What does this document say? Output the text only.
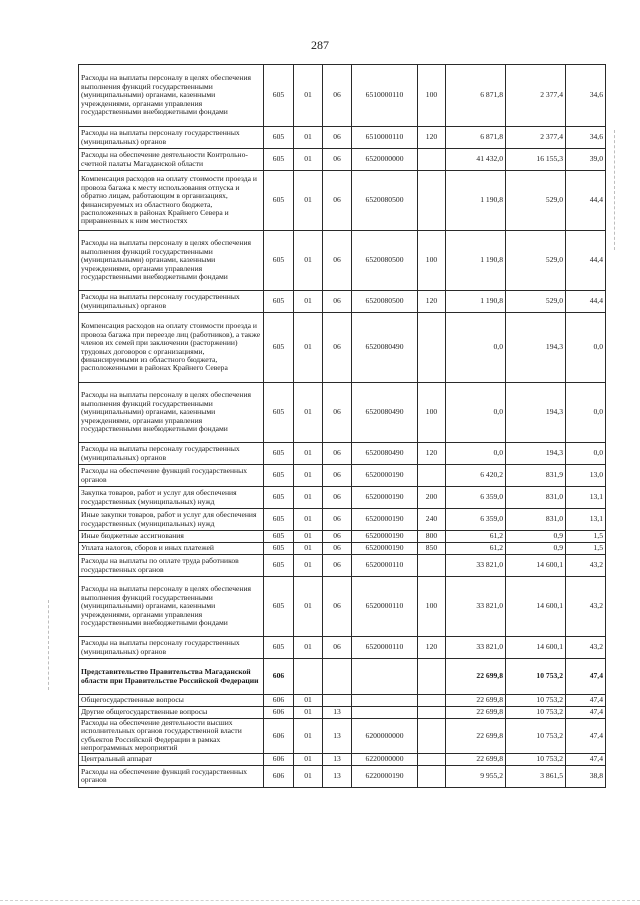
287
Расходы на выплаты персоналу в целях обеспечения выполнения функций государственными (муниципальными) органами, казенными учреждениями, органами управления государственными внебюджетными фондами	605	01	06	6510000110	100	6 871,8	2 377,4	34,6
Расходы на выплаты персоналу государственных (муниципальных) органов	605	01	06	6510000110	120	6 871,8	2 377,4	34,6
Расходы на обеспечение деятельности Контрольно-счетной палаты Магаданской области	605	01	06	6520000000		41 432,0	16 155,3	39,0
Компенсация расходов на оплату стоимости проезда и провоза багажа к месту использования отпуска и обратно лицам, работающим в организациях, финансируемых из областного бюджета, расположенных в районах Крайнего Севера и приравненных к ним местностях	605	01	06	6520080500		1 190,8	529,0	44,4
Расходы на выплаты персоналу в целях обеспечения выполнения функций государственными (муниципальными) органами, казенными учреждениями, органами управления государственными внебюджетными фондами	605	01	06	6520080500	100	1 190,8	529,0	44,4
Расходы на выплаты персоналу государственных (муниципальных) органов	605	01	06	6520080500	120	1 190,8	529,0	44,4
Компенсация расходов на оплату стоимости проезда и провоза багажа при переезде лиц (работников), а также членов их семей при заключении (расторжении) трудовых договоров с организациями, финансируемыми из областного бюджета, расположенными в районах Крайнего Севера	605	01	06	6520080490		0,0	194,3	0,0
Расходы на выплаты персоналу в целях обеспечения выполнения функций государственными (муниципальными) органами, казенными учреждениями, органами управления государственными внебюджетными фондами	605	01	06	6520080490	100	0,0	194,3	0,0
Расходы на выплаты персоналу государственных (муниципальных) органов	605	01	06	6520080490	120	0,0	194,3	0,0
Расходы на обеспечение функций государственных органов	605	01	06	6520000190		6 420,2	831,9	13,0
Закупка товаров, работ и услуг для обеспечения государственных (муниципальных) нужд	605	01	06	6520000190	200	6 359,0	831,0	13,1
Иные закупки товаров, работ и услуг для обеспечения государственных (муниципальных) нужд	605	01	06	6520000190	240	6 359,0	831,0	13,1
Иные бюджетные ассигнования	605	01	06	6520000190	800	61,2	0,9	1,5
Уплата налогов, сборов и иных платежей	605	01	06	6520000190	850	61,2	0,9	1,5
Расходы на выплаты по оплате труда работников государственных органов	605	01	06	6520000110		33 821,0	14 600,1	43,2
Расходы на выплаты персоналу в целях обеспечения выполнения функций государственными (муниципальными) органами, казенными учреждениями, органами управления государственными внебюджетными фондами	605	01	06	6520000110	100	33 821,0	14 600,1	43,2
Расходы на выплаты персоналу государственных (муниципальных) органов	605	01	06	6520000110	120	33 821,0	14 600,1	43,2
Представительство Правительства Магаданской области при Правительстве Российской Федерации	606					22 699,8	10 753,2	47,4
Общегосударственные вопросы	606	01				22 699,8	10 753,2	47,4
Другие общегосударственные вопросы	606	01	13			22 699,8	10 753,2	47,4
Расходы на обеспечение деятельности высших исполнительных органов государственной власти субъектов Российской Федерации в рамках непрограммных мероприятий	606	01	13	6200000000		22 699,8	10 753,2	47,4
Центральный аппарат	606	01	13	6220000000		22 699,8	10 753,2	47,4
Расходы на обеспечение функций государственных органов	606	01	13	6220000190		9 955,2	3 861,5	38,8
